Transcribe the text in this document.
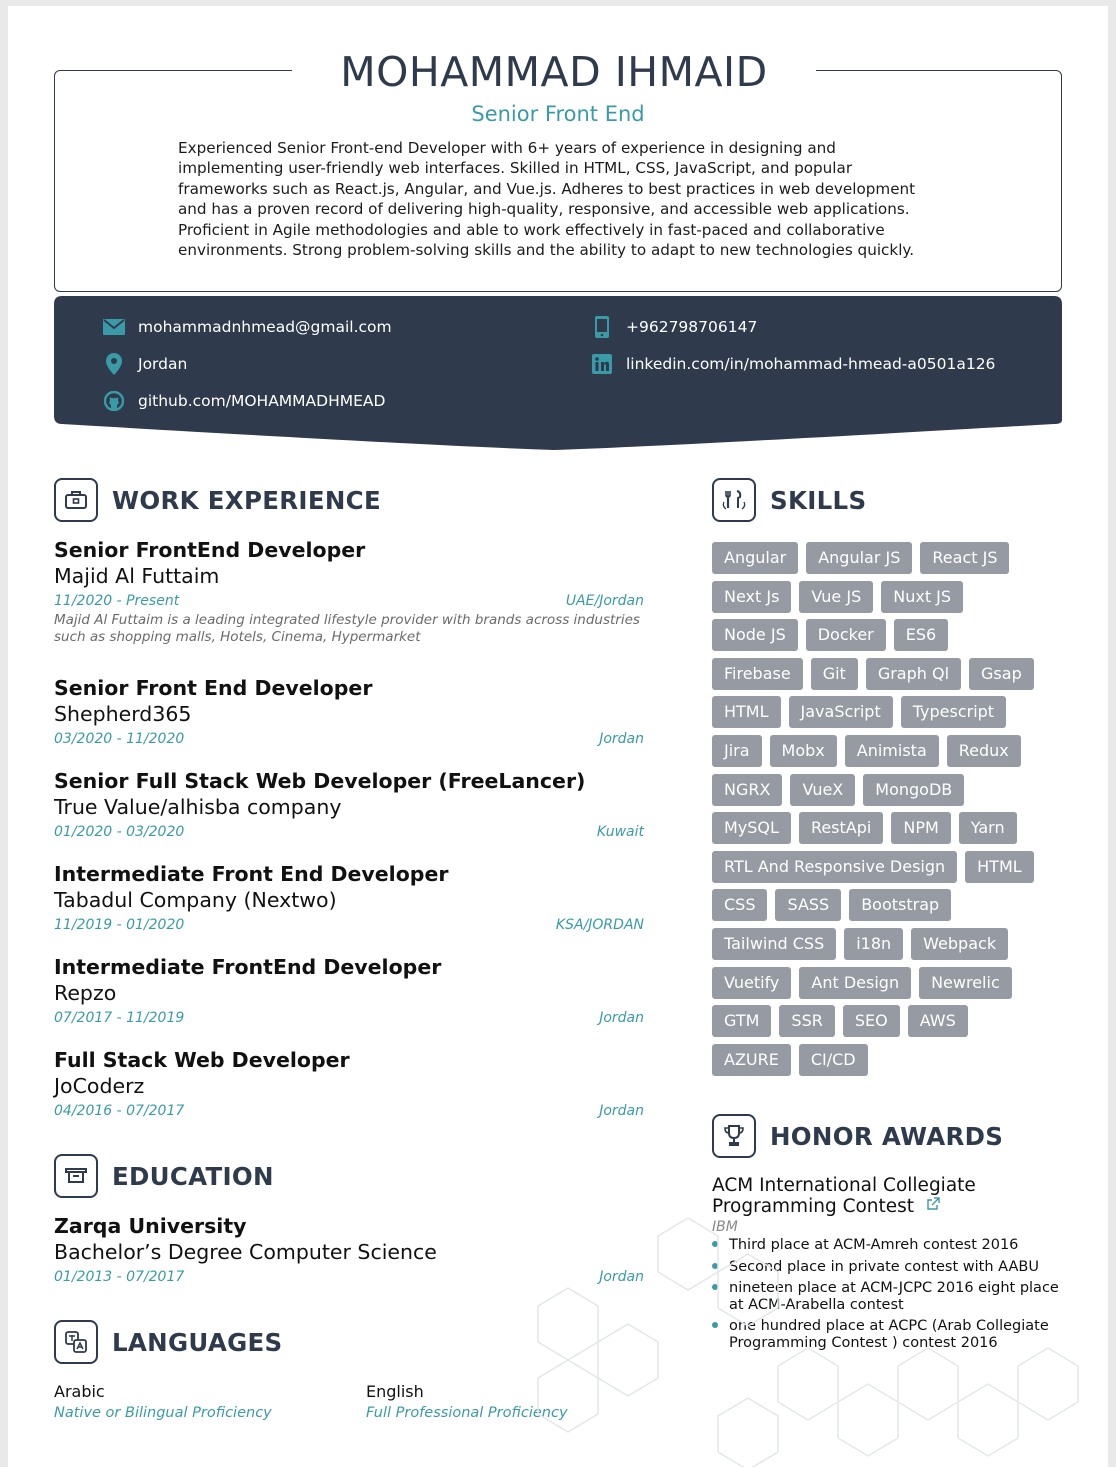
MOHAMMAD IHMAID
Senior Front End
Experienced Senior Front-end Developer with 6+ years of experience in designing and implementing user-friendly web interfaces. Skilled in HTML, CSS, JavaScript, and popular frameworks such as React.js, Angular, and Vue.js. Adheres to best practices in web development and has a proven record of delivering high-quality, responsive, and accessible web applications. Proficient in Agile methodologies and able to work effectively in fast-paced and collaborative environments. Strong problem-solving skills and the ability to adapt to new technologies quickly.
mohammadnhmead@gmail.com	+962798706147
Jordan	linkedin.com/in/mohammad-hmead-a0501a126
github.com/MOHAMMADHMEAD
WORK EXPERIENCE
Senior FrontEnd Developer
Majid Al Futtaim
11/2020 - Present	UAE/Jordan
Majid Al Futtaim is a leading integrated lifestyle provider with brands across industries such as shopping malls, Hotels, Cinema, Hypermarket
Senior Front End Developer
Shepherd365
03/2020 - 11/2020	Jordan
Senior Full Stack Web Developer (FreeLancer)
True Value/alhisba company
01/2020 - 03/2020	Kuwait
Intermediate Front End Developer
Tabadul Company (Nextwo)
11/2019 - 01/2020	KSA/JORDAN
Intermediate FrontEnd Developer
Repzo
07/2017 - 11/2019	Jordan
Full Stack Web Developer
JoCoderz
04/2016 - 07/2017	Jordan
EDUCATION
Zarqa University
Bachelor’s Degree Computer Science
01/2013 - 07/2017	Jordan
LANGUAGES
Arabic
Native or Bilingual Proficiency
English
Full Professional Proficiency
SKILLS
Angular	Angular JS	React JS
Next Js	Vue JS	Nuxt JS
Node JS	Docker	ES6
Firebase	Git	Graph Ql	Gsap
HTML	JavaScript	Typescript
Jira	Mobx	Animista	Redux
NGRX	VueX	MongoDB
MySQL	RestApi	NPM	Yarn
RTL And Responsive Design	HTML
CSS	SASS	Bootstrap
Tailwind CSS	i18n	Webpack
Vuetify	Ant Design	Newrelic
GTM	SSR	SEO	AWS
AZURE	CI/CD
HONOR AWARDS
ACM International Collegiate Programming Contest
IBM
Third place at ACM-Amreh contest 2016
Second place in private contest with AABU
nineteen place at ACM-JCPC 2016 eight place at ACM-Arabella contest
one hundred place at ACPC (Arab Collegiate Programming Contest ) contest 2016
